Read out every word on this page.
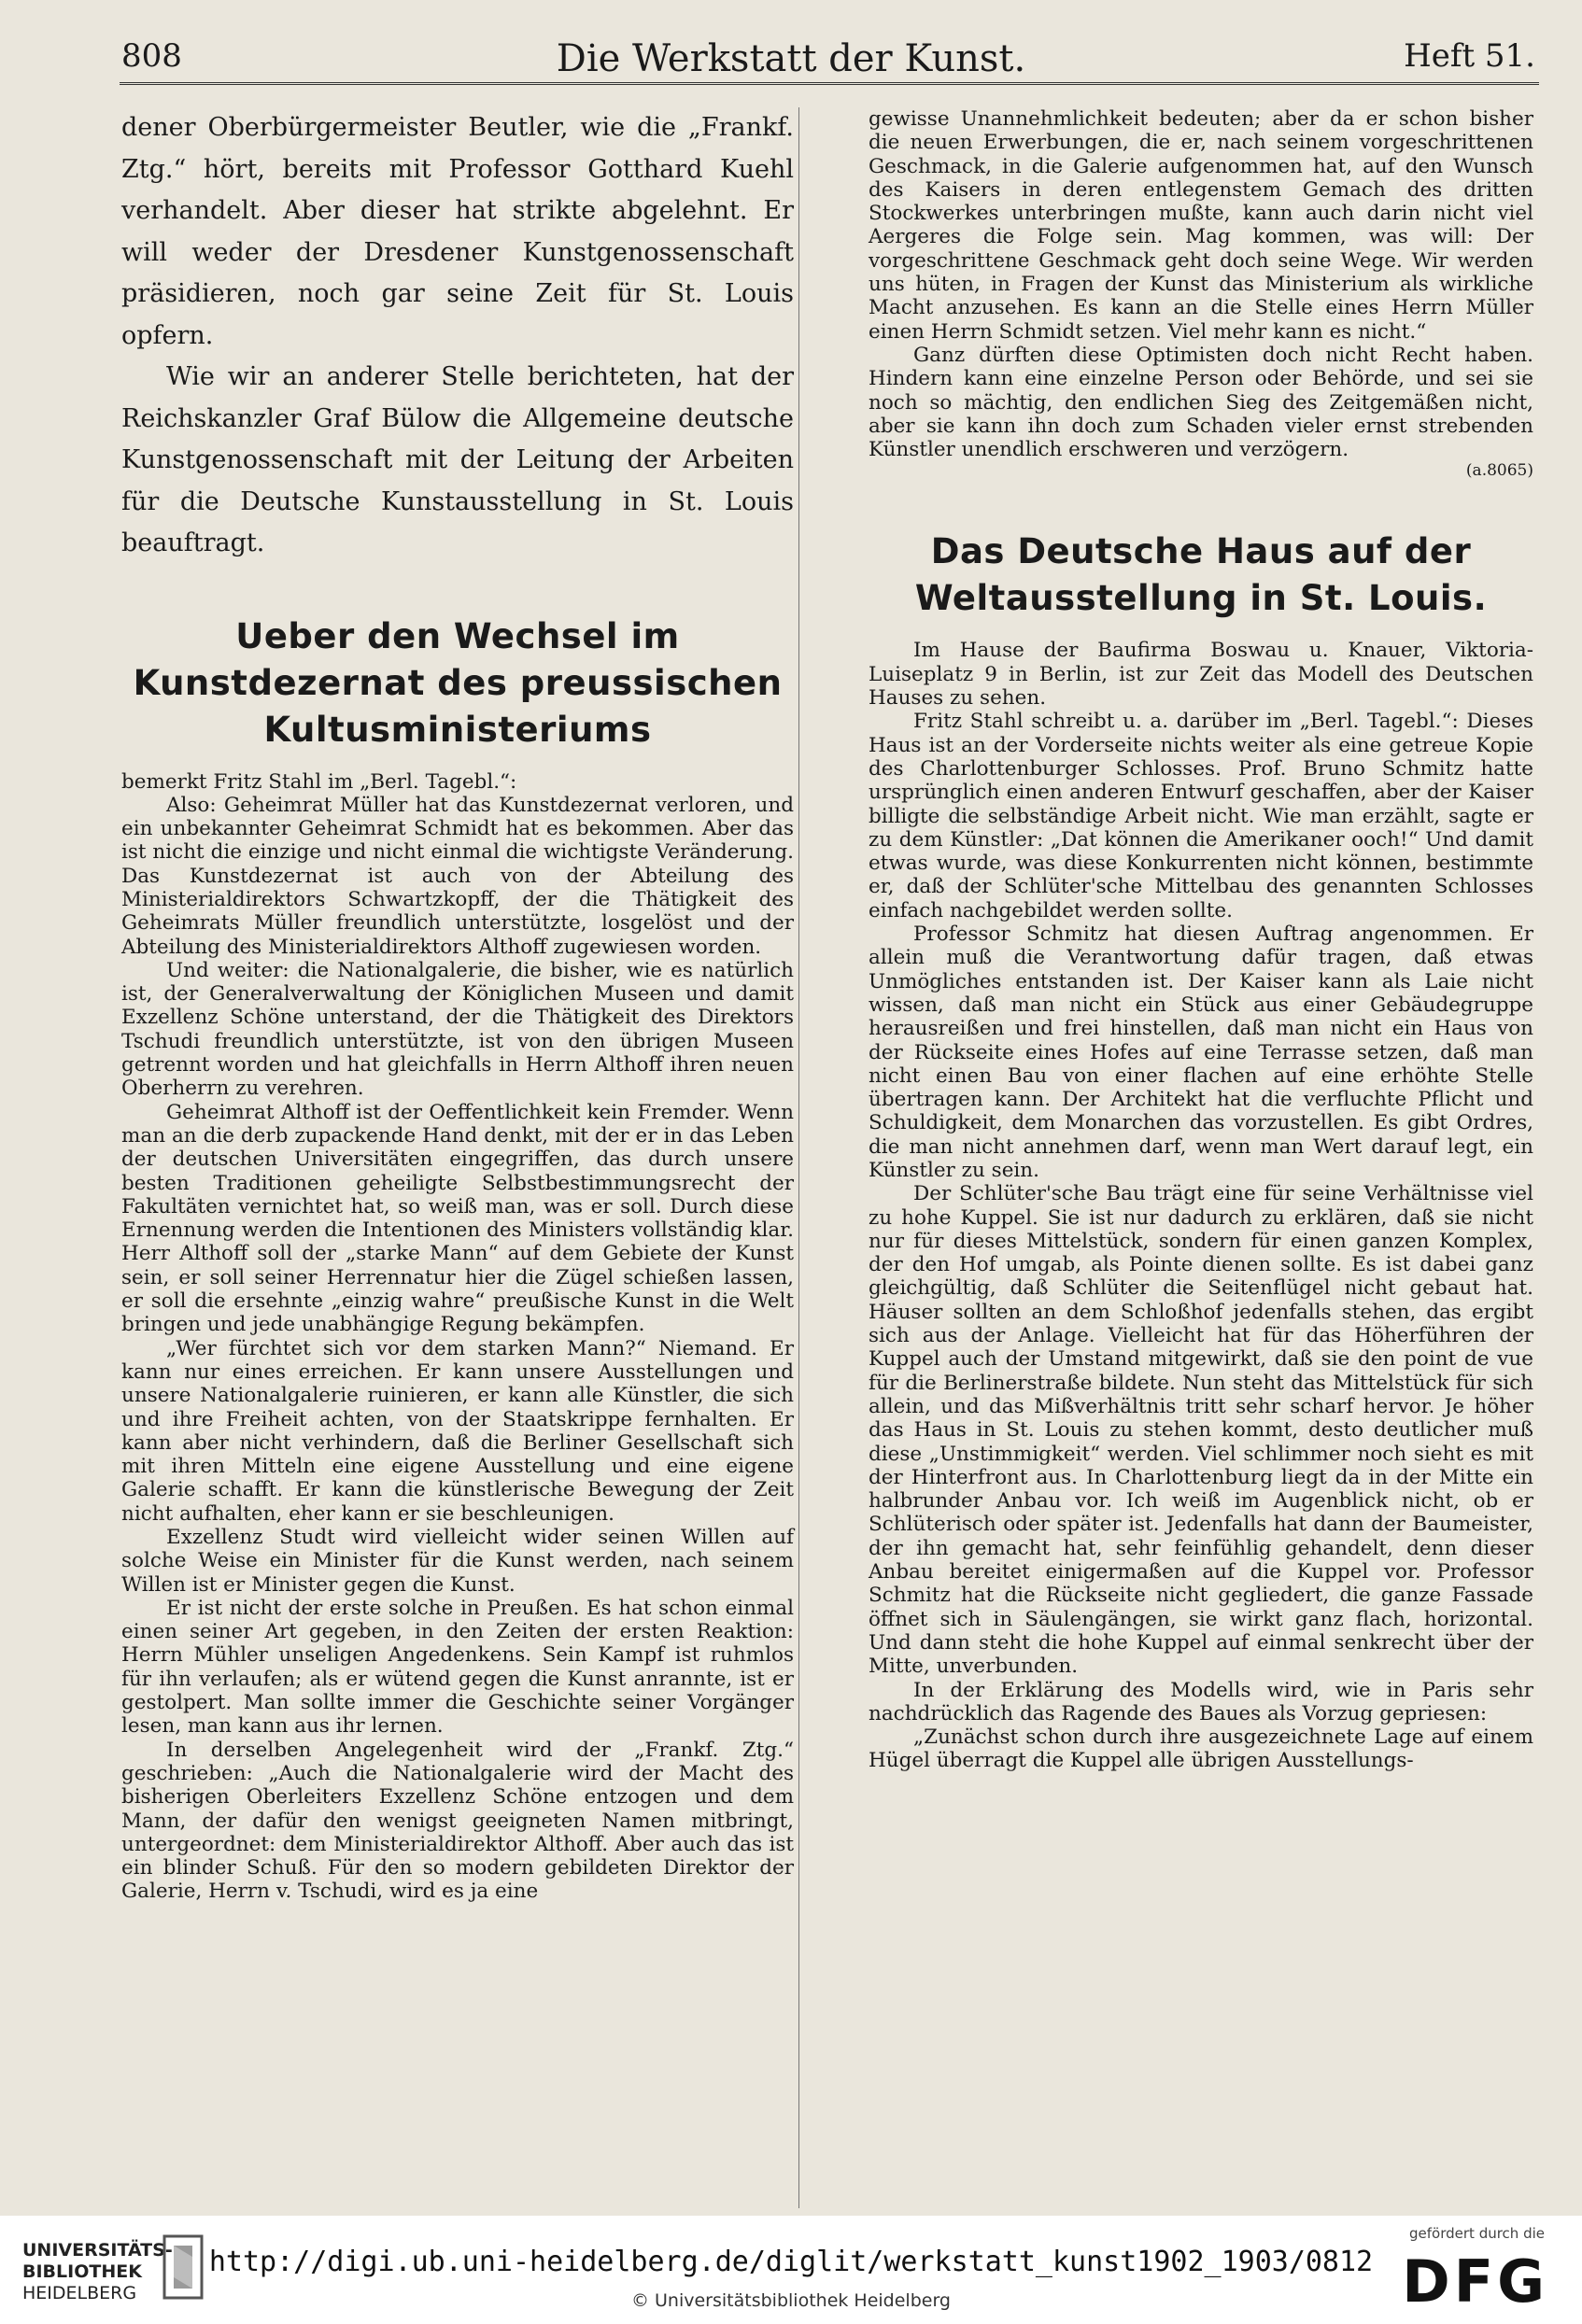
808	Die Werkstatt der Kunst.	Heft 51.

dener Oberbürgermeister Beutler, wie die „Frankf. Ztg.“ hört, bereits mit Professor Gotthard Kuehl verhandelt. Aber dieser hat strikte abgelehnt. Er will weder der Dresdener Kunstgenossenschaft präsidieren, noch gar seine Zeit für St. Louis opfern.

Wie wir an anderer Stelle berichteten, hat der Reichskanzler Graf Bülow die Allgemeine deutsche Kunstgenossenschaft mit der Leitung der Arbeiten für die Deutsche Kunstausstellung in St. Louis beauftragt.

Ueber den Wechsel im Kunstdezernat des preussischen Kultusministeriums

bemerkt Fritz Stahl im „Berl. Tagebl.“:

Also: Geheimrat Müller hat das Kunstdezernat verloren, und ein unbekannter Geheimrat Schmidt hat es bekommen. Aber das ist nicht die einzige und nicht einmal die wichtigste Veränderung. Das Kunstdezernat ist auch von der Abteilung des Ministerialdirektors Schwartzkopff, der die Thätigkeit des Geheimrats Müller freundlich unterstützte, losgelöst und der Abteilung des Ministerialdirektors Althoff zugewiesen worden.

Und weiter: die Nationalgalerie, die bisher, wie es natürlich ist, der Generalverwaltung der Königlichen Museen und damit Exzellenz Schöne unterstand, der die Thätigkeit des Direktors Tschudi freundlich unterstützte, ist von den übrigen Museen getrennt worden und hat gleichfalls in Herrn Althoff ihren neuen Oberherrn zu verehren.

Geheimrat Althoff ist der Oeffentlichkeit kein Fremder. Wenn man an die derb zupackende Hand denkt, mit der er in das Leben der deutschen Universitäten eingegriffen, das durch unsere besten Traditionen geheiligte Selbstbestimmungsrecht der Fakultäten vernichtet hat, so weiß man, was er soll. Durch diese Ernennung werden die Intentionen des Ministers vollständig klar. Herr Althoff soll der „starke Mann“ auf dem Gebiete der Kunst sein, er soll seiner Herrennatur hier die Zügel schießen lassen, er soll die ersehnte „einzig wahre“ preußische Kunst in die Welt bringen und jede unabhängige Regung bekämpfen.

„Wer fürchtet sich vor dem starken Mann?“ Niemand. Er kann nur eines erreichen. Er kann unsere Ausstellungen und unsere Nationalgalerie ruinieren, er kann alle Künstler, die sich und ihre Freiheit achten, von der Staatskrippe fernhalten. Er kann aber nicht verhindern, daß die Berliner Gesellschaft sich mit ihren Mitteln eine eigene Ausstellung und eine eigene Galerie schafft. Er kann die künstlerische Bewegung der Zeit nicht aufhalten, eher kann er sie beschleunigen.

Exzellenz Studt wird vielleicht wider seinen Willen auf solche Weise ein Minister für die Kunst werden, nach seinem Willen ist er Minister gegen die Kunst.

Er ist nicht der erste solche in Preußen. Es hat schon einmal einen seiner Art gegeben, in den Zeiten der ersten Reaktion: Herrn Mühler unseligen Angedenkens. Sein Kampf ist ruhmlos für ihn verlaufen; als er wütend gegen die Kunst anrannte, ist er gestolpert. Man sollte immer die Geschichte seiner Vorgänger lesen, man kann aus ihr lernen.

In derselben Angelegenheit wird der „Frankf. Ztg.“ geschrieben: „Auch die Nationalgalerie wird der Macht des bisherigen Oberleiters Exzellenz Schöne entzogen und dem Mann, der dafür den wenigst geeigneten Namen mitbringt, untergeordnet: dem Ministerialdirektor Althoff. Aber auch das ist ein blinder Schuß. Für den so modern gebildeten Direktor der Galerie, Herrn v. Tschudi, wird es ja eine

gewisse Unannehmlichkeit bedeuten; aber da er schon bisher die neuen Erwerbungen, die er, nach seinem vorgeschrittenen Geschmack, in die Galerie aufgenommen hat, auf den Wunsch des Kaisers in deren entlegenstem Gemach des dritten Stockwerkes unterbringen mußte, kann auch darin nicht viel Aergeres die Folge sein. Mag kommen, was will: Der vorgeschrittene Geschmack geht doch seine Wege. Wir werden uns hüten, in Fragen der Kunst das Ministerium als wirkliche Macht anzusehen. Es kann an die Stelle eines Herrn Müller einen Herrn Schmidt setzen. Viel mehr kann es nicht.“

Ganz dürften diese Optimisten doch nicht Recht haben. Hindern kann eine einzelne Person oder Behörde, und sei sie noch so mächtig, den endlichen Sieg des Zeitgemäßen nicht, aber sie kann ihn doch zum Schaden vieler ernst strebenden Künstler unendlich erschweren und verzögern.

(a.8065)

Das Deutsche Haus auf der Weltausstellung in St. Louis.

Im Hause der Baufirma Boswau u. Knauer, Viktoria-Luiseplatz 9 in Berlin, ist zur Zeit das Modell des Deutschen Hauses zu sehen.

Fritz Stahl schreibt u. a. darüber im „Berl. Tagebl.“: Dieses Haus ist an der Vorderseite nichts weiter als eine getreue Kopie des Charlottenburger Schlosses. Prof. Bruno Schmitz hatte ursprünglich einen anderen Entwurf geschaffen, aber der Kaiser billigte die selbständige Arbeit nicht. Wie man erzählt, sagte er zu dem Künstler: „Dat können die Amerikaner ooch!“ Und damit etwas wurde, was diese Konkurrenten nicht können, bestimmte er, daß der Schlüter'sche Mittelbau des genannten Schlosses einfach nachgebildet werden sollte.

Professor Schmitz hat diesen Auftrag angenommen. Er allein muß die Verantwortung dafür tragen, daß etwas Unmögliches entstanden ist. Der Kaiser kann als Laie nicht wissen, daß man nicht ein Stück aus einer Gebäudegruppe herausreißen und frei hinstellen, daß man nicht ein Haus von der Rückseite eines Hofes auf eine Terrasse setzen, daß man nicht einen Bau von einer flachen auf eine erhöhte Stelle übertragen kann. Der Architekt hat die verfluchte Pflicht und Schuldigkeit, dem Monarchen das vorzustellen. Es gibt Ordres, die man nicht annehmen darf, wenn man Wert darauf legt, ein Künstler zu sein.

Der Schlüter'sche Bau trägt eine für seine Verhältnisse viel zu hohe Kuppel. Sie ist nur dadurch zu erklären, daß sie nicht nur für dieses Mittelstück, sondern für einen ganzen Komplex, der den Hof umgab, als Pointe dienen sollte. Es ist dabei ganz gleichgültig, daß Schlüter die Seitenflügel nicht gebaut hat. Häuser sollten an dem Schloßhof jedenfalls stehen, das ergibt sich aus der Anlage. Vielleicht hat für das Höherführen der Kuppel auch der Umstand mitgewirkt, daß sie den point de vue für die Berlinerstraße bildete. Nun steht das Mittelstück für sich allein, und das Mißverhältnis tritt sehr scharf hervor. Je höher das Haus in St. Louis zu stehen kommt, desto deutlicher muß diese „Unstimmigkeit“ werden. Viel schlimmer noch sieht es mit der Hinterfront aus. In Charlottenburg liegt da in der Mitte ein halbrunder Anbau vor. Ich weiß im Augenblick nicht, ob er Schlüterisch oder später ist. Jedenfalls hat dann der Baumeister, der ihn gemacht hat, sehr feinfühlig gehandelt, denn dieser Anbau bereitet einigermaßen auf die Kuppel vor. Professor Schmitz hat die Rückseite nicht gegliedert, die ganze Fassade öffnet sich in Säulengängen, sie wirkt ganz flach, horizontal. Und dann steht die hohe Kuppel auf einmal senkrecht über der Mitte, unverbunden.

In der Erklärung des Modells wird, wie in Paris sehr nachdrücklich das Ragende des Baues als Vorzug gepriesen:

„Zunächst schon durch ihre ausgezeichnete Lage auf einem Hügel überragt die Kuppel alle übrigen Ausstellungs-

UNIVERSITÄTS-
BIBLIOTHEK
HEIDELBERG
http://digi.ub.uni-heidelberg.de/diglit/werkstatt_kunst1902_1903/0812
© Universitätsbibliothek Heidelberg
gefördert durch die
DFG
